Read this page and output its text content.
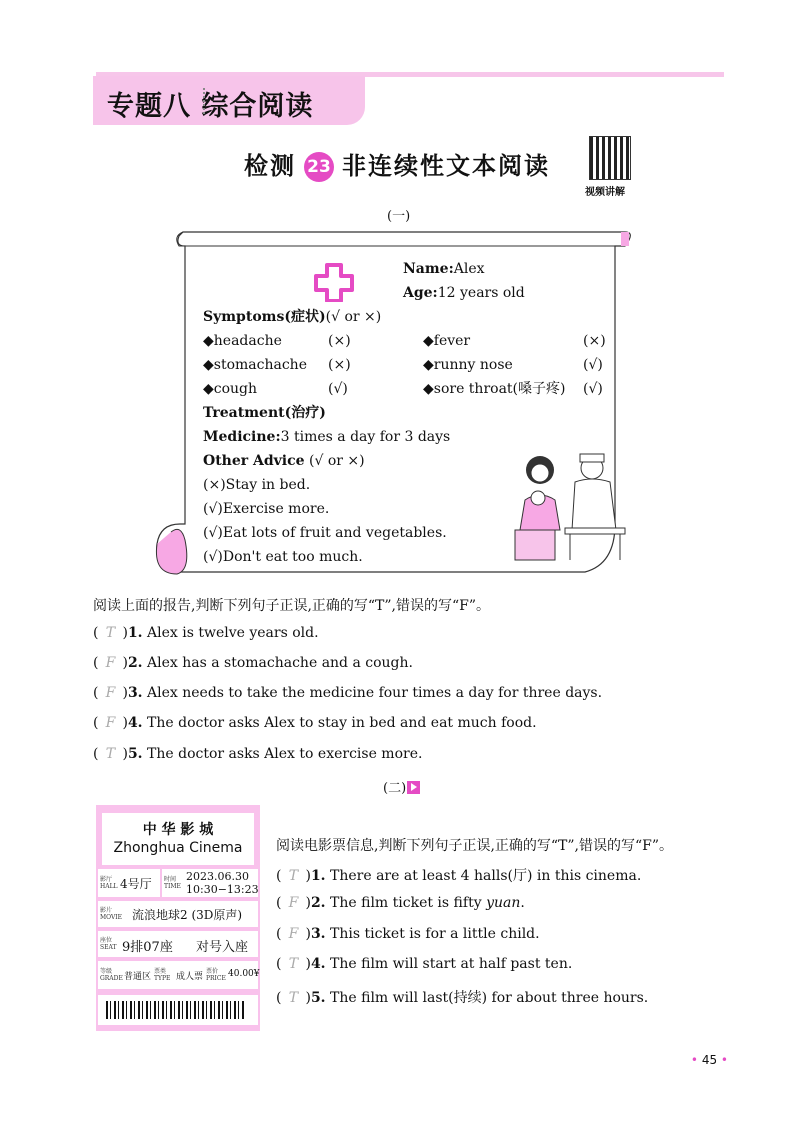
专题八 综合阅读
检测 23 非连续性文本阅读
视频讲解
(一)
Name:Alex
Age:12 years old
Symptoms(症状)(√ or ×)
◆headache	(×)	◆fever	(×)
◆stomachache (×)	◆runny nose	(√)
◆cough	(√)	◆sore throat(嗓子疼) (√)
Treatment(治疗)
Medicine:3 times a day for 3 days
Other Advice (√ or ×)
(×)Stay in bed.
(√)Exercise more.
(√)Eat lots of fruit and vegetables.
(√)Don't eat too much.
阅读上面的报告,判断下列句子正误,正确的写“T”,错误的写“F”。
( T )1. Alex is twelve years old.
( F )2. Alex has a stomachache and a cough.
( F )3. Alex needs to take the medicine four times a day for three days.
( F )4. The doctor asks Alex to stay in bed and eat much food.
( T )5. The doctor asks Alex to exercise more.
(二)
中 华 影 城
Zhonghua Cinema
影厅 HALL 4号厅 时间 TIME
2023.06.30
10:30−13:23
影片 MOVIE 流浪地球2 (3D原声)
座位 SEAT 9排07座 对号入座
等级 GRADE 普通区
票类 TYPE 成人票
票价 PRICE 40.00¥
阅读电影票信息,判断下列句子正误,正确的写“T”,错误的写“F”。
( T )1. There are at least 4 halls(厅) in this cinema.
( F )2. The film ticket is fifty yuan.
( F )3. This ticket is for a little child.
( T )4. The film will start at half past ten.
( T )5. The film will last(持续) for about three hours.
• 45 •
